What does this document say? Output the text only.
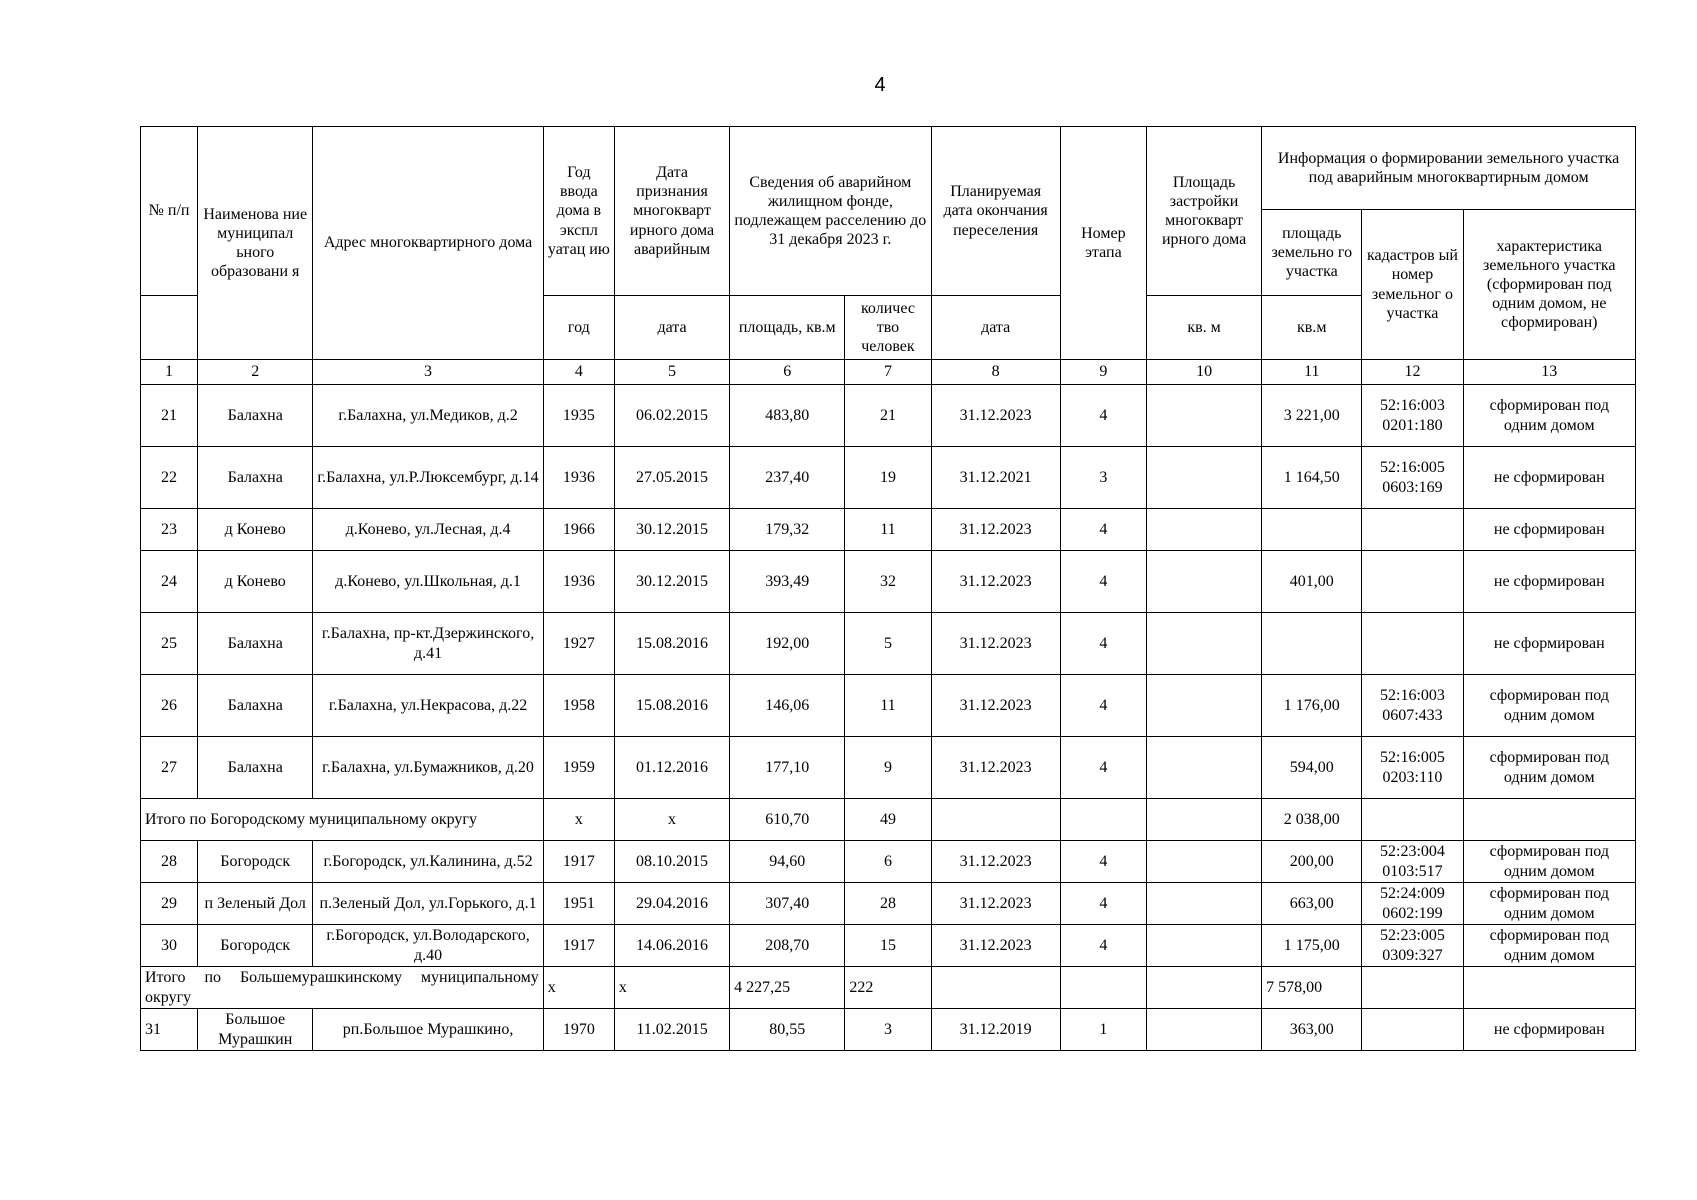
4
№ п/п	Наименова ние муниципал ьного образовани я	Адрес многоквартирного дома	Год ввода дома в экспл уатац ию	Дата признания многокварт ирного дома аварийным	Сведения об аварийном жилищном фонде, подлежащем расселению до 31 декабря 2023 г.		Планируемая дата окончания переселения	Номер этапа	Площадь застройки многокварт ирного дома	Информация о формировании земельного участка под аварийным многоквартирным домом		
										площадь земельно го участка	кадастров ый номер земельног о участка	характеристика земельного участка (сформирован под одним домом, не сформирован)
			год	дата	площадь, кв.м	количес тво человек	дата		кв. м	кв.м		
1	2	3	4	5	6	7	8	9	10	11	12	13
21	Балахна	г.Балахна, ул.Медиков, д.2	1935	06.02.2015	483,80	21	31.12.2023	4		3 221,00	52:16:003 0201:180	сформирован под одним домом
22	Балахна	г.Балахна, ул.Р.Люксембург, д.14	1936	27.05.2015	237,40	19	31.12.2021	3		1 164,50	52:16:005 0603:169	не сформирован
23	д Конево	д.Конево, ул.Лесная, д.4	1966	30.12.2015	179,32	11	31.12.2023	4				не сформирован
24	д Конево	д.Конево, ул.Школьная, д.1	1936	30.12.2015	393,49	32	31.12.2023	4		401,00		не сформирован
25	Балахна	г.Балахна, пр-кт.Дзержинского, д.41	1927	15.08.2016	192,00	5	31.12.2023	4				не сформирован
26	Балахна	г.Балахна, ул.Некрасова, д.22	1958	15.08.2016	146,06	11	31.12.2023	4		1 176,00	52:16:003 0607:433	сформирован под одним домом
27	Балахна	г.Балахна, ул.Бумажников, д.20	1959	01.12.2016	177,10	9	31.12.2023	4		594,00	52:16:005 0203:110	сформирован под одним домом
Итого по Богородскому муниципальному округу			х	х	610,70	49				2 038,00		
28	Богородск	г.Богородск, ул.Калинина, д.52	1917	08.10.2015	94,60	6	31.12.2023	4		200,00	52:23:004 0103:517	сформирован под одним домом
29	п Зеленый Дол	п.Зеленый Дол, ул.Горького, д.1	1951	29.04.2016	307,40	28	31.12.2023	4		663,00	52:24:009 0602:199	сформирован под одним домом
30	Богородск	г.Богородск, ул.Володарского, д.40	1917	14.06.2016	208,70	15	31.12.2023	4		1 175,00	52:23:005 0309:327	сформирован под одним домом
Итого по Большемурашкинскому муниципальному округу			х	х	4 227,25	222				7 578,00		
31	Большое Мурашкин	рп.Большое Мурашкино,	1970	11.02.2015	80,55	3	31.12.2019	1		363,00		не сформирован
